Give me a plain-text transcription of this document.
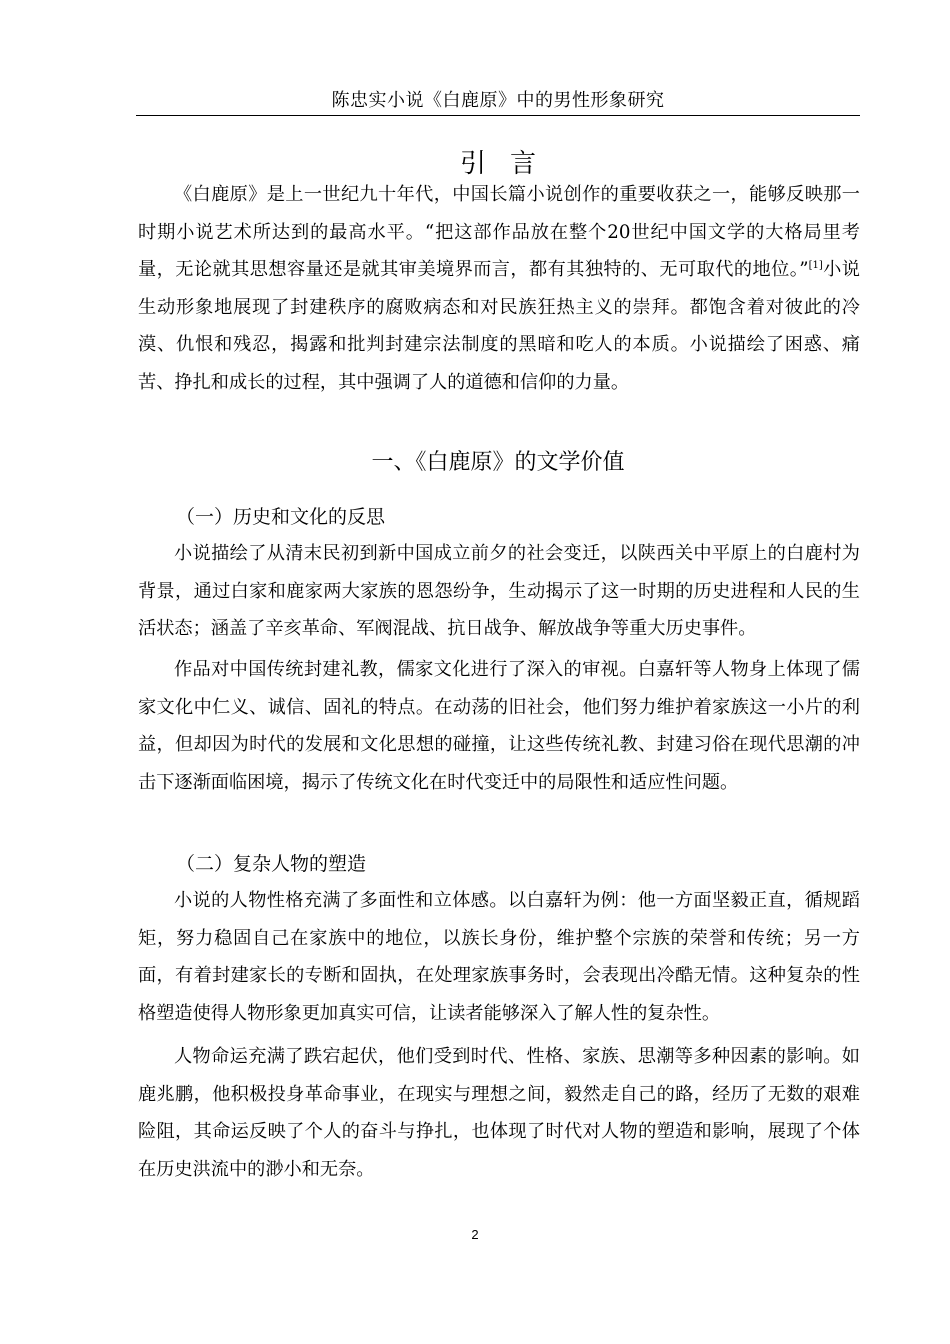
陈忠实小说《白鹿原》中的男性形象研究
引言

《白鹿原》是上一世纪九十年代，中国长篇小说创作的重要收获之一，能够反映那一时期小说艺术所达到的最高水平。“把这部作品放在整个20世纪中国文学的大格局里考量，无论就其思想容量还是就其审美境界而言，都有其独特的、无可取代的地位。”[1]小说生动形象地展现了封建秩序的腐败病态和对民族狂热主义的崇拜。都饱含着对彼此的冷漠、仇恨和残忍，揭露和批判封建宗法制度的黑暗和吃人的本质。小说描绘了困惑、痛苦、挣扎和成长的过程，其中强调了人的道德和信仰的力量。

一、《白鹿原》的文学价值
（一）历史和文化的反思

小说描绘了从清末民初到新中国成立前夕的社会变迁，以陕西关中平原上的白鹿村为背景，通过白家和鹿家两大家族的恩怨纷争，生动揭示了这一时期的历史进程和人民的生活状态；涵盖了辛亥革命、军阀混战、抗日战争、解放战争等重大历史事件。

作品对中国传统封建礼教，儒家文化进行了深入的审视。白嘉轩等人物身上体现了儒家文化中仁义、诚信、固礼的特点。在动荡的旧社会，他们努力维护着家族这一小片的利益，但却因为时代的发展和文化思想的碰撞，让这些传统礼教、封建习俗在现代思潮的冲击下逐渐面临困境，揭示了传统文化在时代变迁中的局限性和适应性问题。

（二）复杂人物的塑造

小说的人物性格充满了多面性和立体感。以白嘉轩为例：他一方面坚毅正直，循规蹈矩，努力稳固自己在家族中的地位，以族长身份，维护整个宗族的荣誉和传统；另一方面，有着封建家长的专断和固执，在处理家族事务时，会表现出冷酷无情。这种复杂的性格塑造使得人物形象更加真实可信，让读者能够深入了解人性的复杂性。

人物命运充满了跌宕起伏，他们受到时代、性格、家族、思潮等多种因素的影响。如鹿兆鹏，他积极投身革命事业，在现实与理想之间，毅然走自己的路，经历了无数的艰难险阻，其命运反映了个人的奋斗与挣扎，也体现了时代对人物的塑造和影响，展现了个体在历史洪流中的渺小和无奈。

2
